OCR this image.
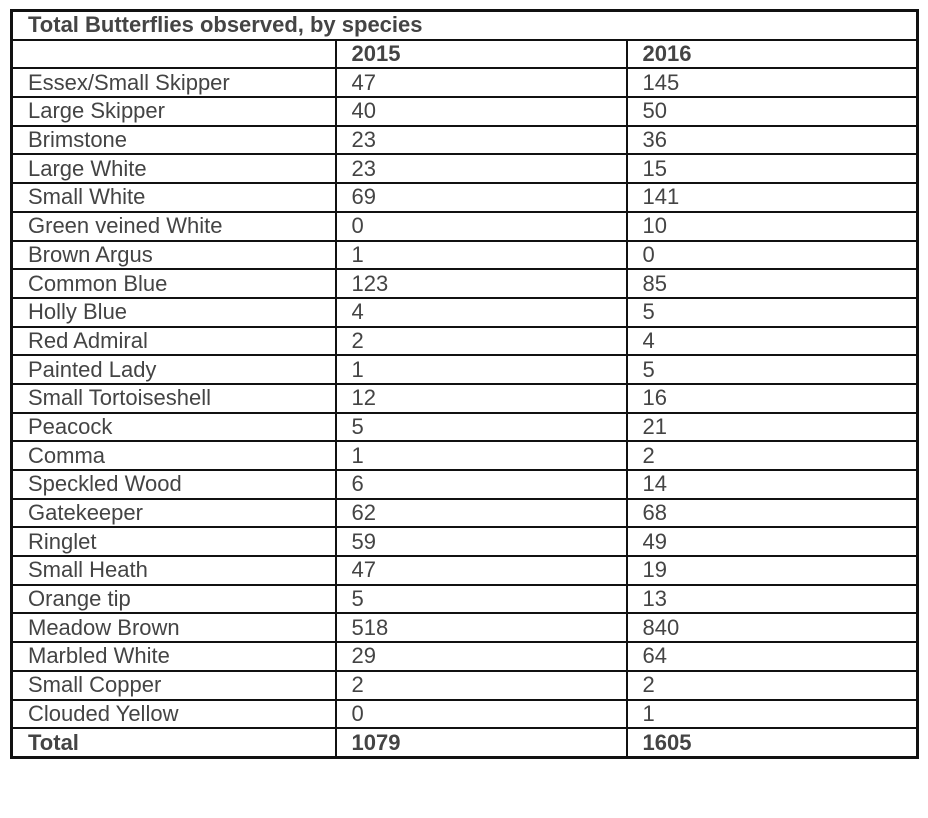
Total Butterflies observed, by species		
	2015	2016
Essex/Small Skipper	47	145
Large Skipper	40	50
Brimstone	23	36
Large White	23	15
Small White	69	141
Green veined White	0	10
Brown Argus	1	0
Common Blue	123	85
Holly Blue	4	5
Red Admiral	2	4
Painted Lady	1	5
Small Tortoiseshell	12	16
Peacock	5	21
Comma	1	2
Speckled Wood	6	14
Gatekeeper	62	68
Ringlet	59	49
Small Heath	47	19
Orange tip	5	13
Meadow Brown	518	840
Marbled White	29	64
Small Copper	2	2
Clouded Yellow	0	1
Total	1079	1605
